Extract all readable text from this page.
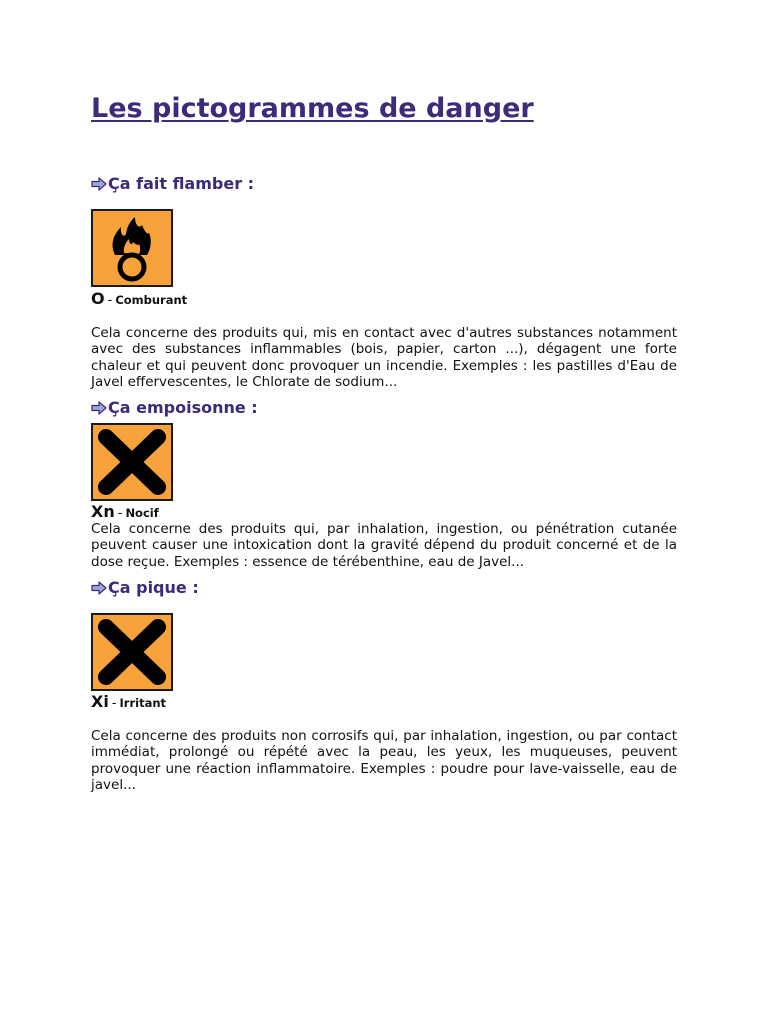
Les pictogrammes de danger
Ça fait flamber :
O - Comburant

Cela concerne des produits qui, mis en contact avec d'autres substances notamment avec des substances inflammables (bois, papier, carton ...), dégagent une forte chaleur et qui peuvent donc provoquer un incendie. Exemples : les pastilles d'Eau de Javel effervescentes, le Chlorate de sodium...

Ça empoisonne :
Xn - Nocif

Cela concerne des produits qui, par inhalation, ingestion, ou pénétration cutanée peuvent causer une intoxication dont la gravité dépend du produit concerné et de la dose reçue. Exemples : essence de térébenthine, eau de Javel...

Ça pique :
Xi - Irritant

Cela concerne des produits non corrosifs qui, par inhalation, ingestion, ou par contact immédiat, prolongé ou répété avec la peau, les yeux, les muqueuses, peuvent provoquer une réaction inflammatoire. Exemples : poudre pour lave-vaisselle, eau de javel...
